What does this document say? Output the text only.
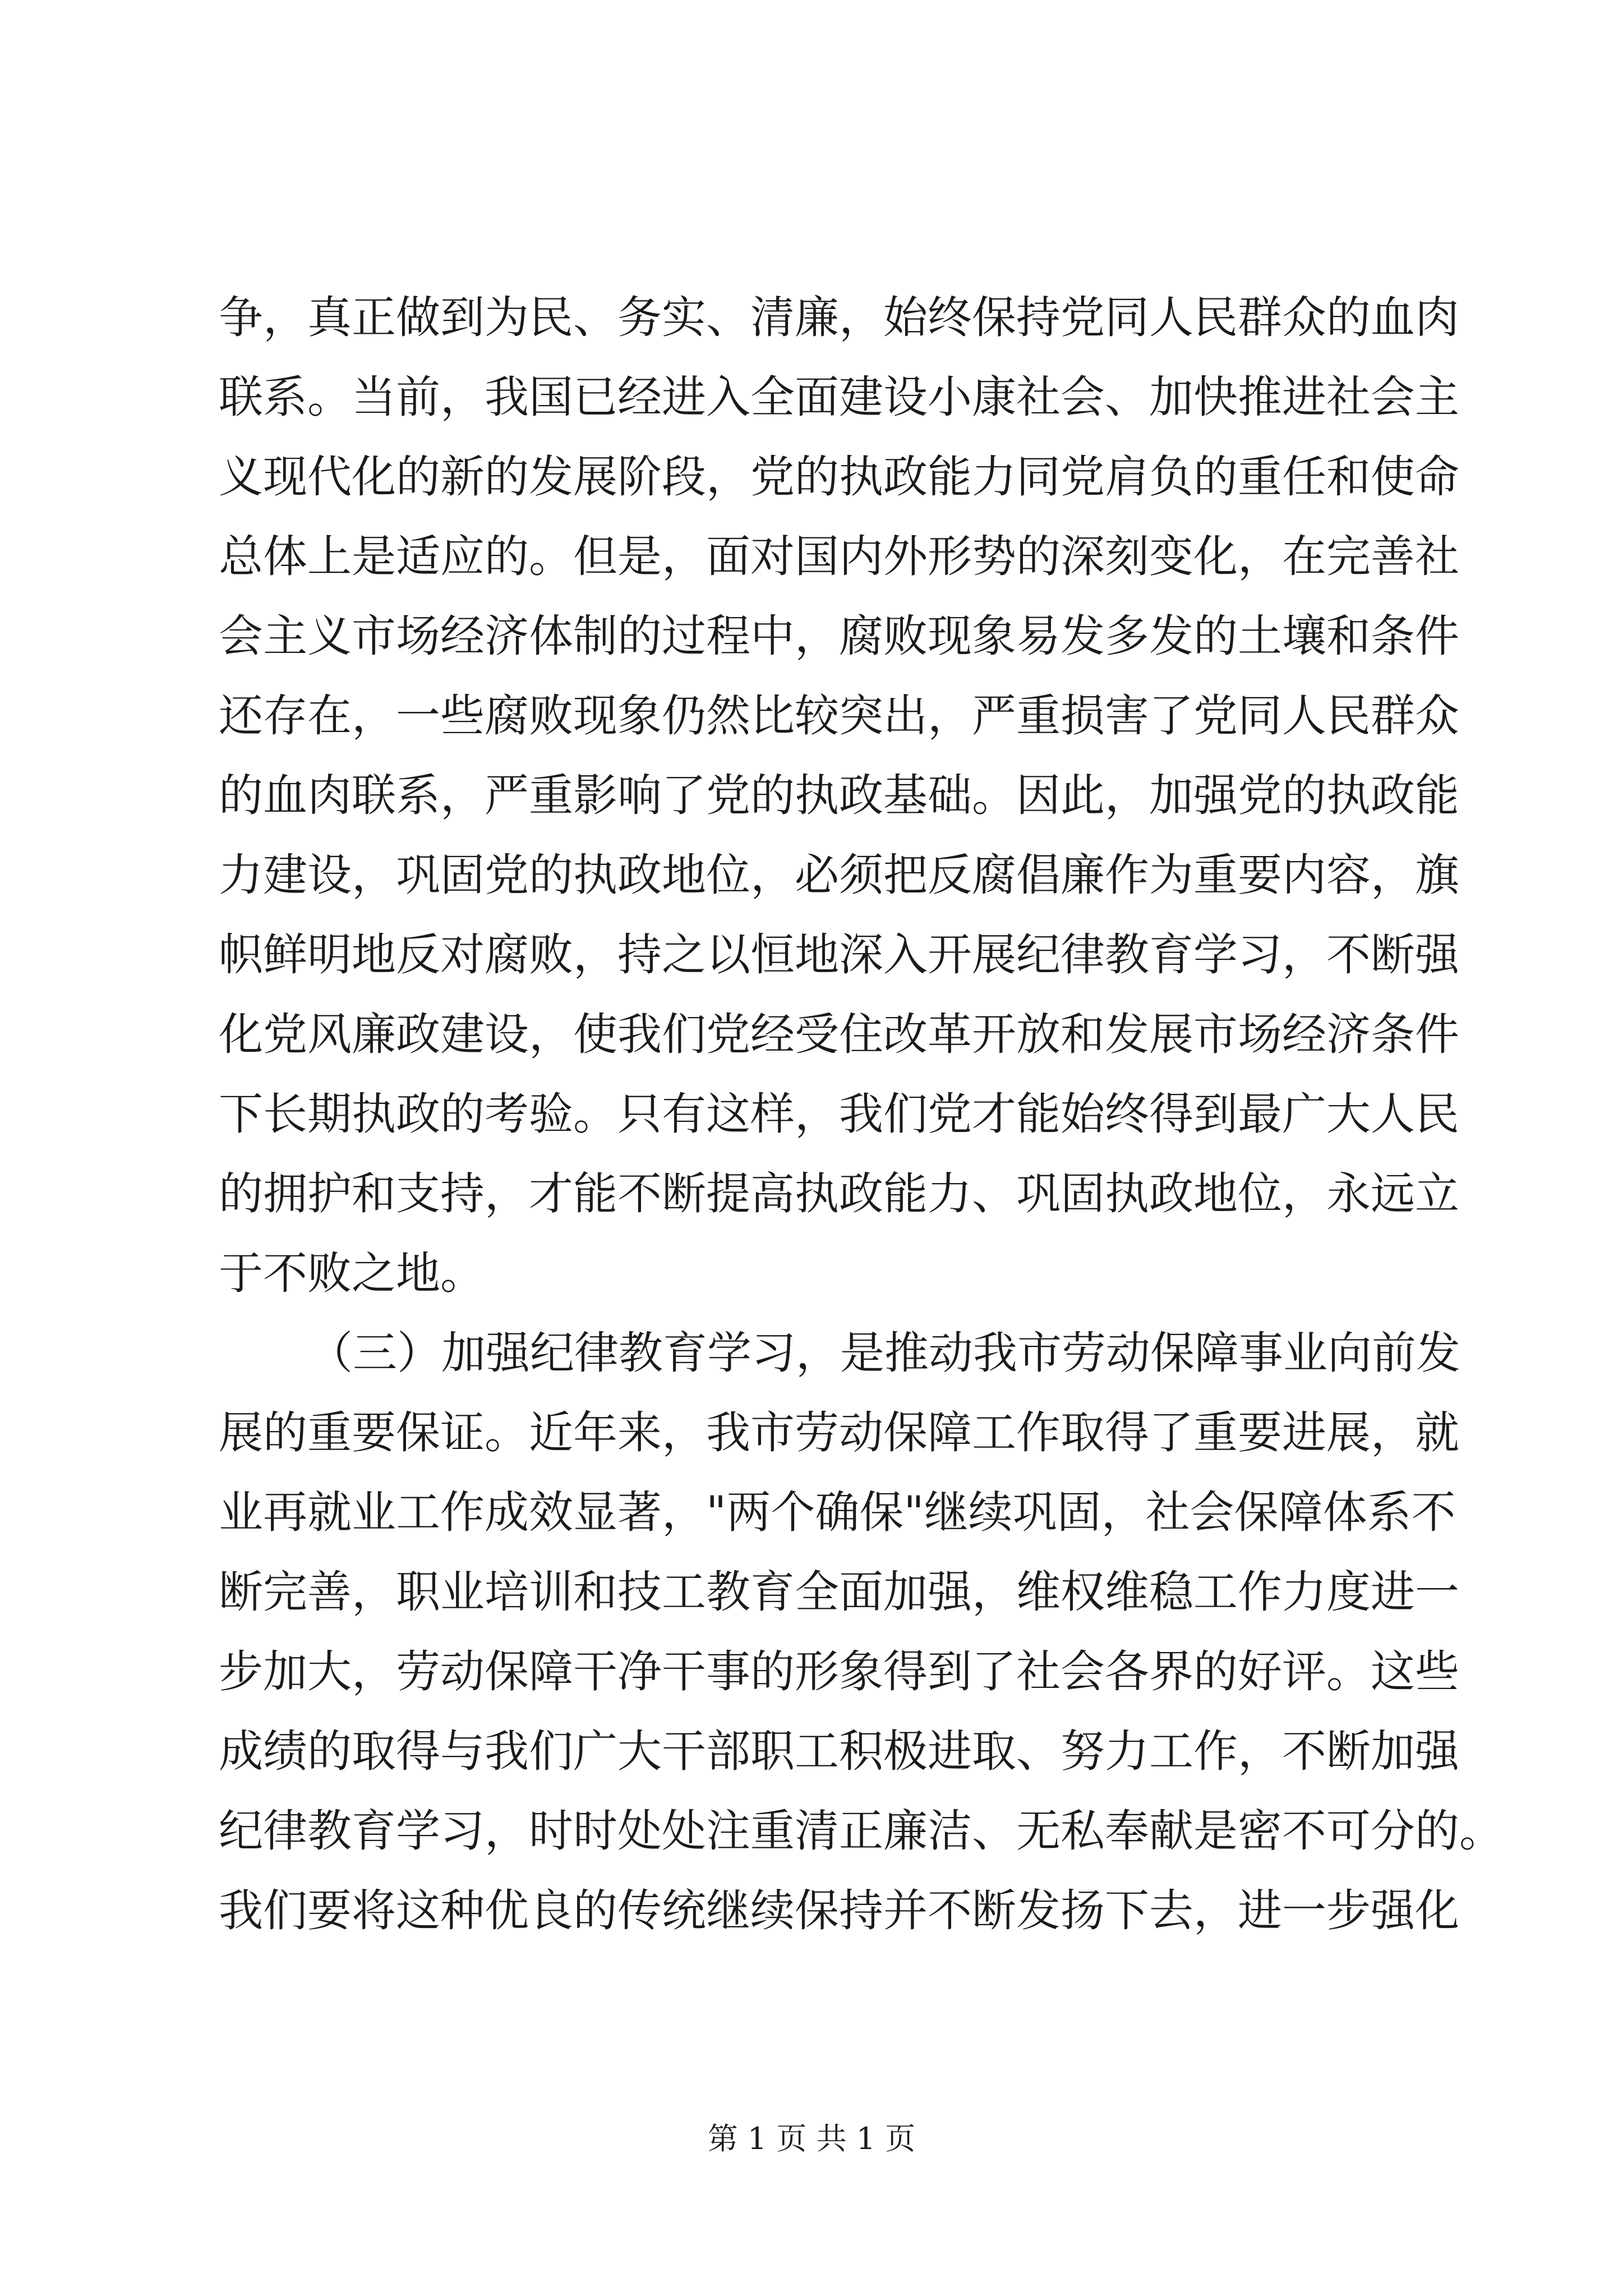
争，真正做到为民、务实、清廉，始终保持党同人民群众的血肉
联系。当前，我国已经进入全面建设小康社会、加快推进社会主
义现代化的新的发展阶段，党的执政能力同党肩负的重任和使命
总体上是适应的。但是，面对国内外形势的深刻变化，在完善社
会主义市场经济体制的过程中，腐败现象易发多发的土壤和条件
还存在，一些腐败现象仍然比较突出，严重损害了党同人民群众
的血肉联系，严重影响了党的执政基础。因此，加强党的执政能
力建设，巩固党的执政地位，必须把反腐倡廉作为重要内容，旗
帜鲜明地反对腐败，持之以恒地深入开展纪律教育学习，不断强
化党风廉政建设，使我们党经受住改革开放和发展市场经济条件
下长期执政的考验。只有这样，我们党才能始终得到最广大人民
的拥护和支持，才能不断提高执政能力、巩固执政地位，永远立
于不败之地。
（三）加强纪律教育学习，是推动我市劳动保障事业向前发
展的重要保证。近年来，我市劳动保障工作取得了重要进展，就
业再就业工作成效显著，"两个确保"继续巩固，社会保障体系不
断完善，职业培训和技工教育全面加强，维权维稳工作力度进一
步加大，劳动保障干净干事的形象得到了社会各界的好评。这些
成绩的取得与我们广大干部职工积极进取、努力工作，不断加强
纪律教育学习，时时处处注重清正廉洁、无私奉献是密不可分的。
我们要将这种优良的传统继续保持并不断发扬下去，进一步强化
第 1 页 共 1 页
